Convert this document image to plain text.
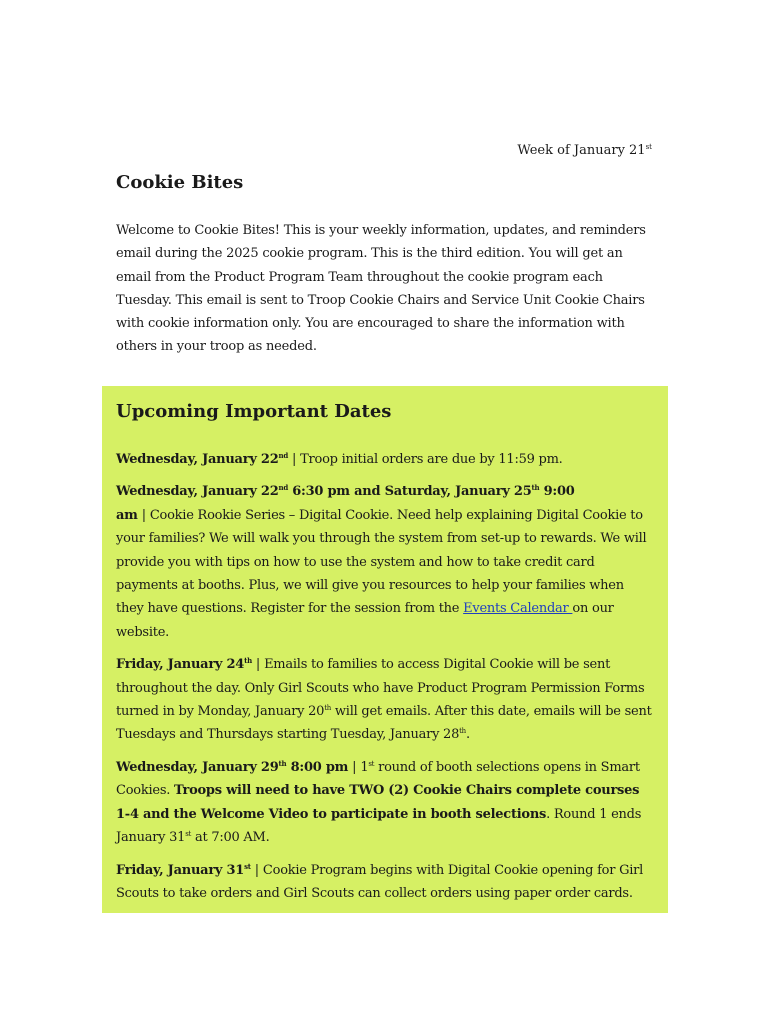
Week of January 21st
Cookie Bites

Welcome to Cookie Bites! This is your weekly information, updates, and reminders email during the 2025 cookie program. This is the third edition. You will get an email from the Product Program Team throughout the cookie program each Tuesday. This email is sent to Troop Cookie Chairs and Service Unit Cookie Chairs with cookie information only. You are encouraged to share the information with others in your troop as needed.

Upcoming Important Dates

Wednesday, January 22nd | Troop initial orders are due by 11:59 pm.

Wednesday, January 22nd 6:30 pm and Saturday, January 25th 9:00 am | Cookie Rookie Series – Digital Cookie. Need help explaining Digital Cookie to your families? We will walk you through the system from set-up to rewards. We will provide you with tips on how to use the system and how to take credit card payments at booths. Plus, we will give you resources to help your families when they have questions. Register for the session from the Events Calendar on our website.

Friday, January 24th | Emails to families to access Digital Cookie will be sent throughout the day. Only Girl Scouts who have Product Program Permission Forms turned in by Monday, January 20th will get emails. After this date, emails will be sent Tuesdays and Thursdays starting Tuesday, January 28th.

Wednesday, January 29th 8:00 pm | 1st round of booth selections opens in Smart Cookies. Troops will need to have TWO (2) Cookie Chairs complete courses 1-4 and the Welcome Video to participate in booth selections. Round 1 ends January 31st at 7:00 AM.

Friday, January 31st | Cookie Program begins with Digital Cookie opening for Girl Scouts to take orders and Girl Scouts can collect orders using paper order cards.
